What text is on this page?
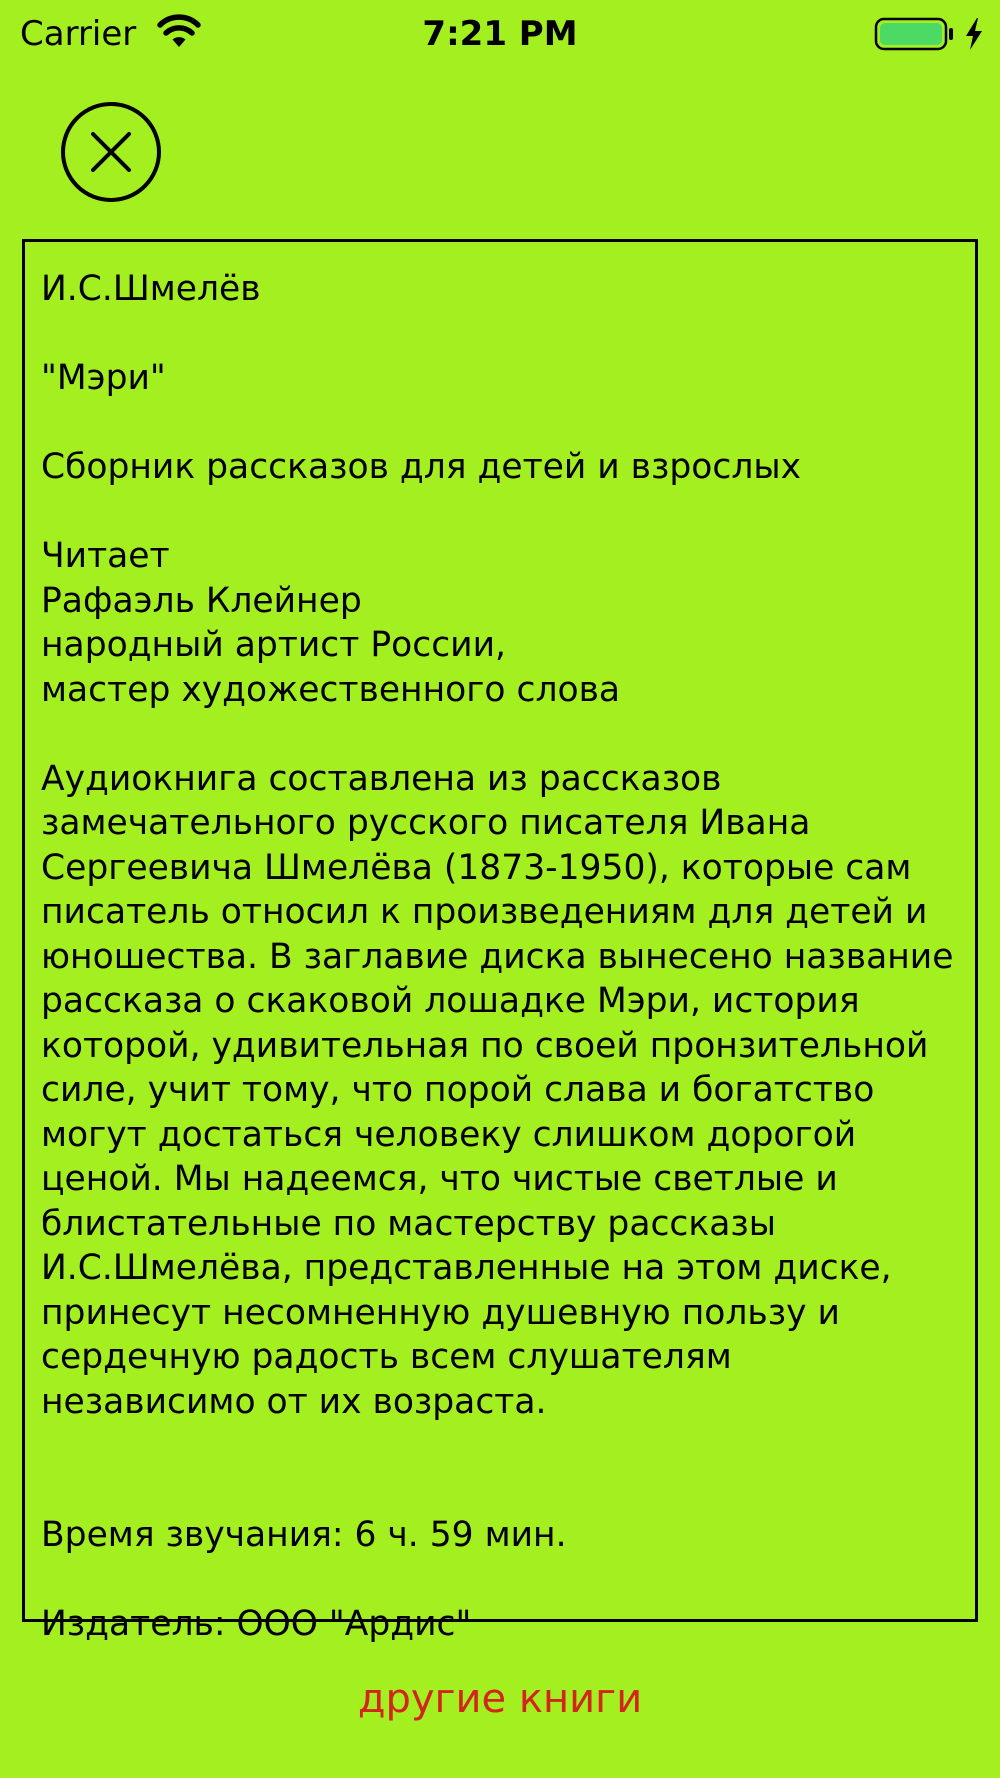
Carrier	7:21 PM

И.С.Шмелёв

"Мэри"

Сборник рассказов для детей и взрослых

Читает
Рафаэль Клейнер
народный артист России,
мастер художественного слова

Аудиокнига составлена из рассказов
замечательного русского писателя Ивана
Сергеевича Шмелёва (1873-1950), которые сам
писатель относил к произведениям для детей и
юношества. В заглавие диска вынесено название
рассказа о скаковой лошадке Мэри, история
которой, удивительная по своей пронзительной
силе, учит тому, что порой слава и богатство
могут достаться человеку слишком дорогой
ценой. Мы надеемся, что чистые светлые и
блистательные по мастерству рассказы
И.С.Шмелёва, представленные на этом диске,
принесут несомненную душевную пользу и
сердечную радость всем слушателям
независимо от их возраста.

Время звучания: 6 ч. 59 мин.

Издатель: ООО "Ардис"

другие книги
